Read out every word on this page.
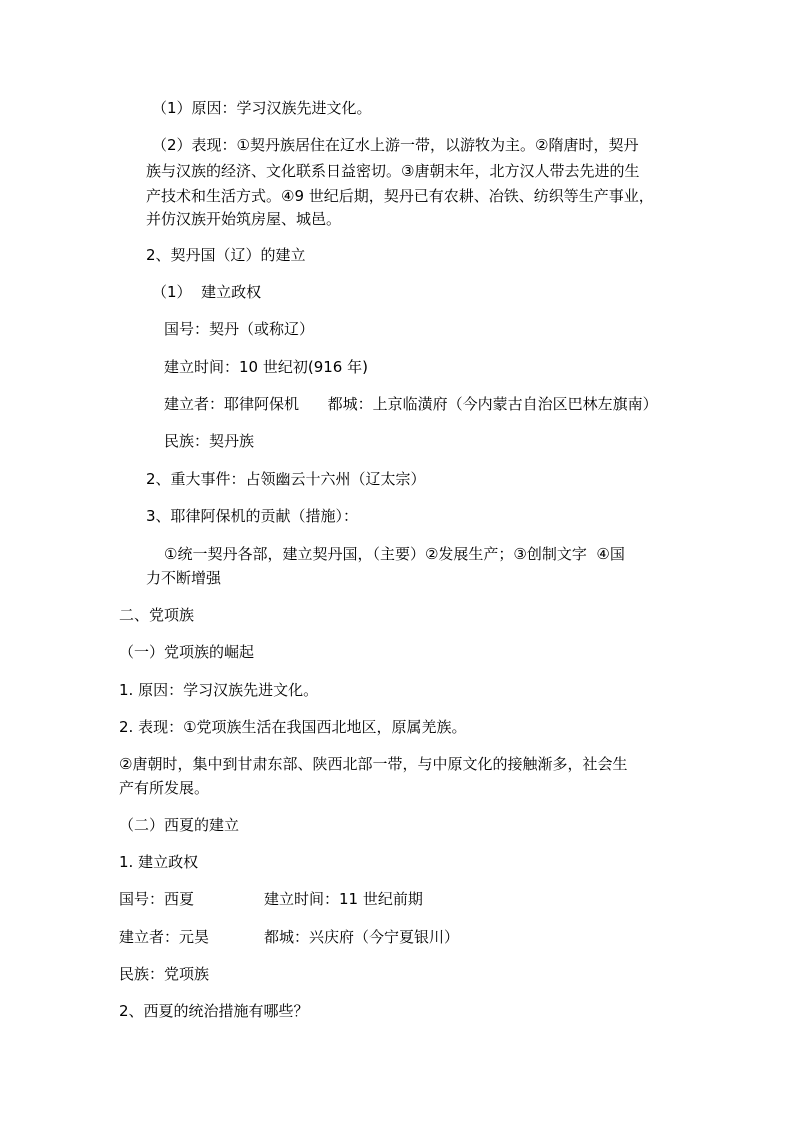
（1）原因：学习汉族先进文化。

（2）表现：①契丹族居住在辽水上游一带，以游牧为主。②隋唐时，契丹

族与汉族的经济、文化联系日益密切。③唐朝末年，北方汉人带去先进的生

产技术和生活方式。④9 世纪后期，契丹已有农耕、冶铁、纺织等生产事业，

并仿汉族开始筑房屋、城邑。

2、契丹国（辽）的建立

（1）  建立政权

国号：契丹（或称辽）

建立时间：10 世纪初(916 年)

建立者：耶律阿保机      都城：上京临潢府（今内蒙古自治区巴林左旗南）

民族：契丹族

2、重大事件：占领幽云十六州（辽太宗）

3、耶律阿保机的贡献（措施）：

①统一契丹各部，建立契丹国，（主要）②发展生产；③创制文字  ④国

力不断增强

二、党项族

（一）党项族的崛起

1. 原因：学习汉族先进文化。

2. 表现：①党项族生活在我国西北地区，原属羌族。

②唐朝时，集中到甘肃东部、陕西北部一带，与中原文化的接触渐多，社会生

产有所发展。

（二）西夏的建立

1. 建立政权

国号：西夏	建立时间：11 世纪前期

建立者：元昊	都城：兴庆府（今宁夏银川）

民族：党项族

2、西夏的统治措施有哪些？
